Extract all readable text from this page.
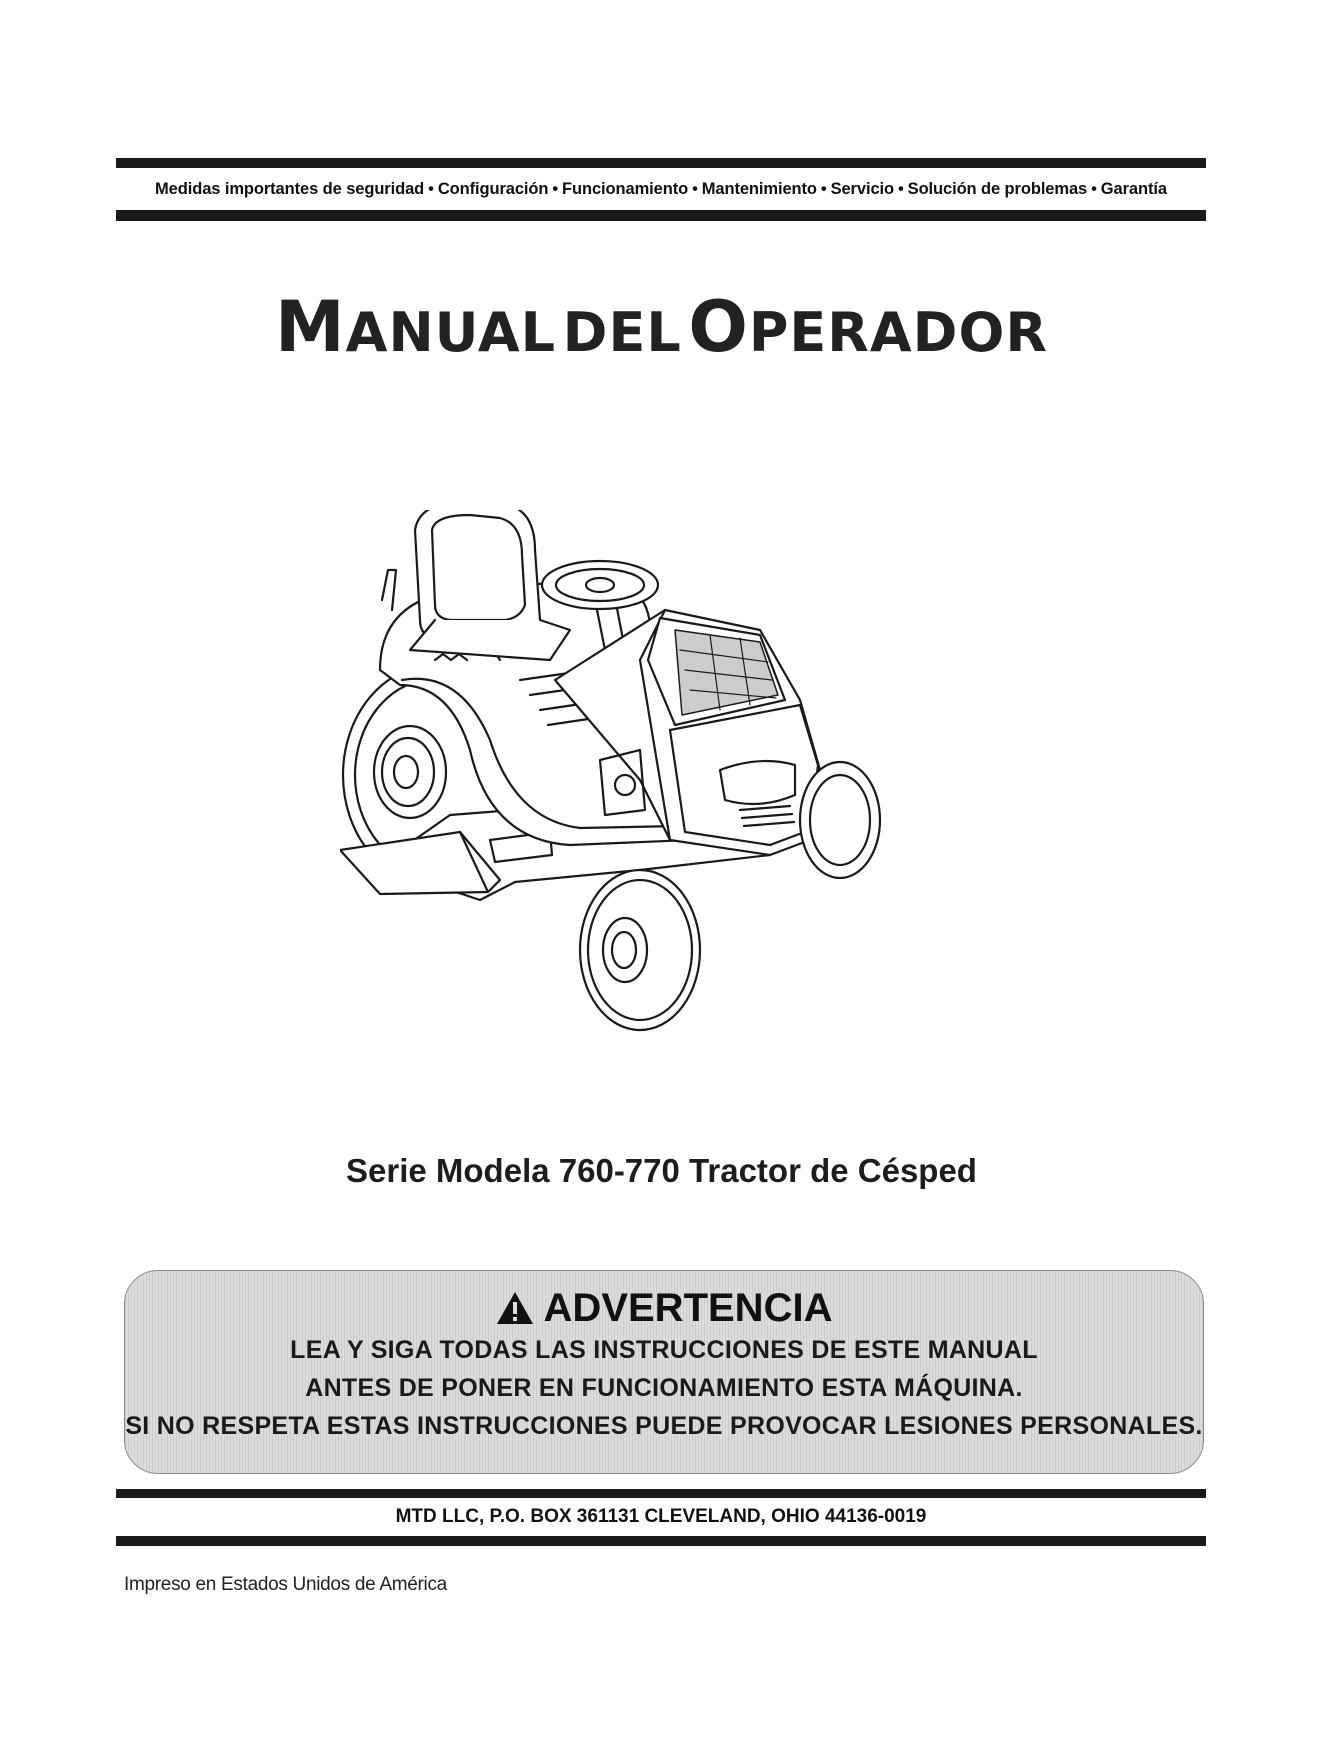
Medidas importantes de seguridad • Configuración • Funcionamiento • Mantenimiento • Servicio • Solución de problemas • Garantía
MANUAL DEL OPERADOR
Serie Modela 760-770 Tractor de Césped
ADVERTENCIA
LEA Y SIGA TODAS LAS INSTRUCCIONES DE ESTE MANUAL
ANTES DE PONER EN FUNCIONAMIENTO ESTA MÁQUINA.
SI NO RESPETA ESTAS INSTRUCCIONES PUEDE PROVOCAR LESIONES PERSONALES.
MTD LLC, P.O. BOX 361131 CLEVELAND, OHIO 44136-0019
Impreso en Estados Unidos de América
